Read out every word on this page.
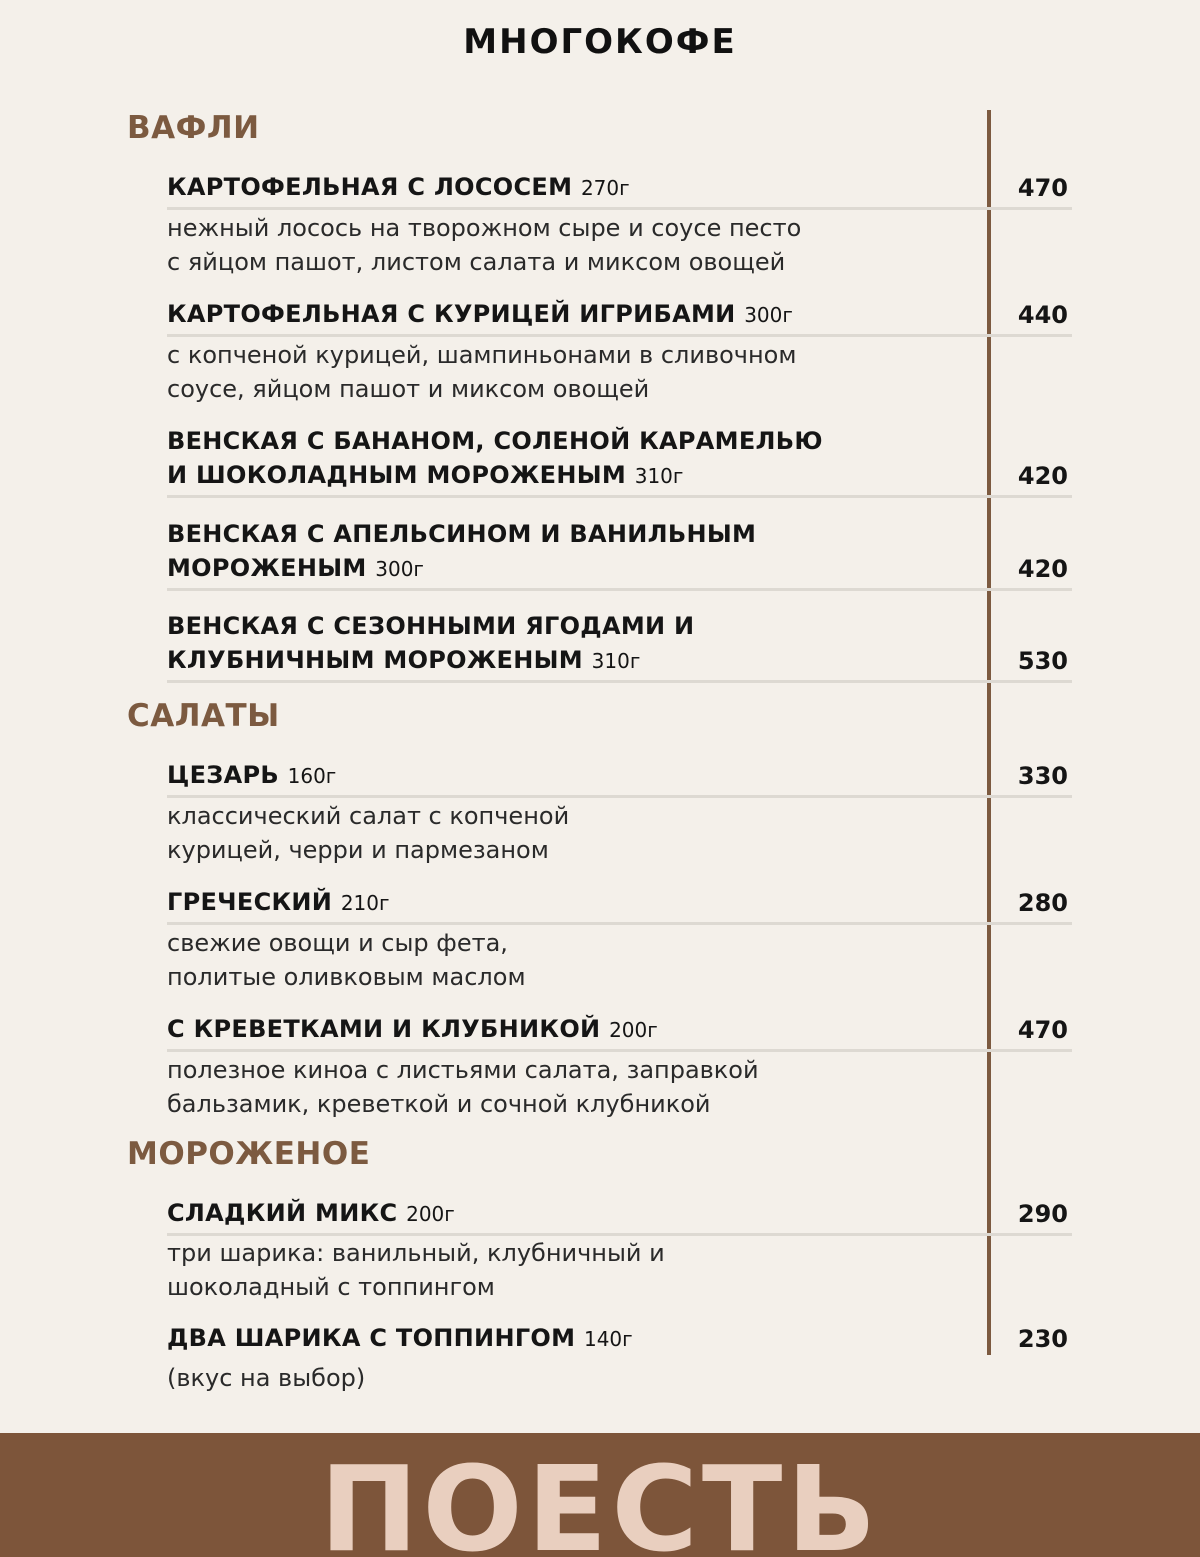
МНОГОКОФЕ
ВАФЛИ
КАРТОФЕЛЬНАЯ С ЛОСОСЕМ 270г	470
нежный лосось на творожном сыре и соусе песто
с яйцом пашот, листом салата и миксом овощей
КАРТОФЕЛЬНАЯ С КУРИЦЕЙ ИГРИБАМИ 300г	440
с копченой курицей, шампиньонами в сливочном
соусе, яйцом пашот и миксом овощей
ВЕНСКАЯ С БАНАНОМ, СОЛЕНОЙ КАРАМЕЛЬЮ
И ШОКОЛАДНЫМ МОРОЖЕНЫМ 310г	420
ВЕНСКАЯ С АПЕЛЬСИНОМ И ВАНИЛЬНЫМ
МОРОЖЕНЫМ 300г	420
ВЕНСКАЯ С СЕЗОННЫМИ ЯГОДАМИ И
КЛУБНИЧНЫМ МОРОЖЕНЫМ 310г	530
САЛАТЫ
ЦЕЗАРЬ 160г	330
классический салат с копченой
курицей, черри и пармезаном
ГРЕЧЕСКИЙ 210г	280
свежие овощи и сыр фета,
политые оливковым маслом
С КРЕВЕТКАМИ И КЛУБНИКОЙ 200г	470
полезное киноа с листьями салата, заправкой
бальзамик, креветкой и сочной клубникой
МОРОЖЕНОЕ
СЛАДКИЙ МИКС 200г	290
три шарика: ванильный, клубничный и
шоколадный с топпингом
ДВА ШАРИКА С ТОППИНГОМ 140г	230
(вкус на выбор)
ПОЕСТЬ
